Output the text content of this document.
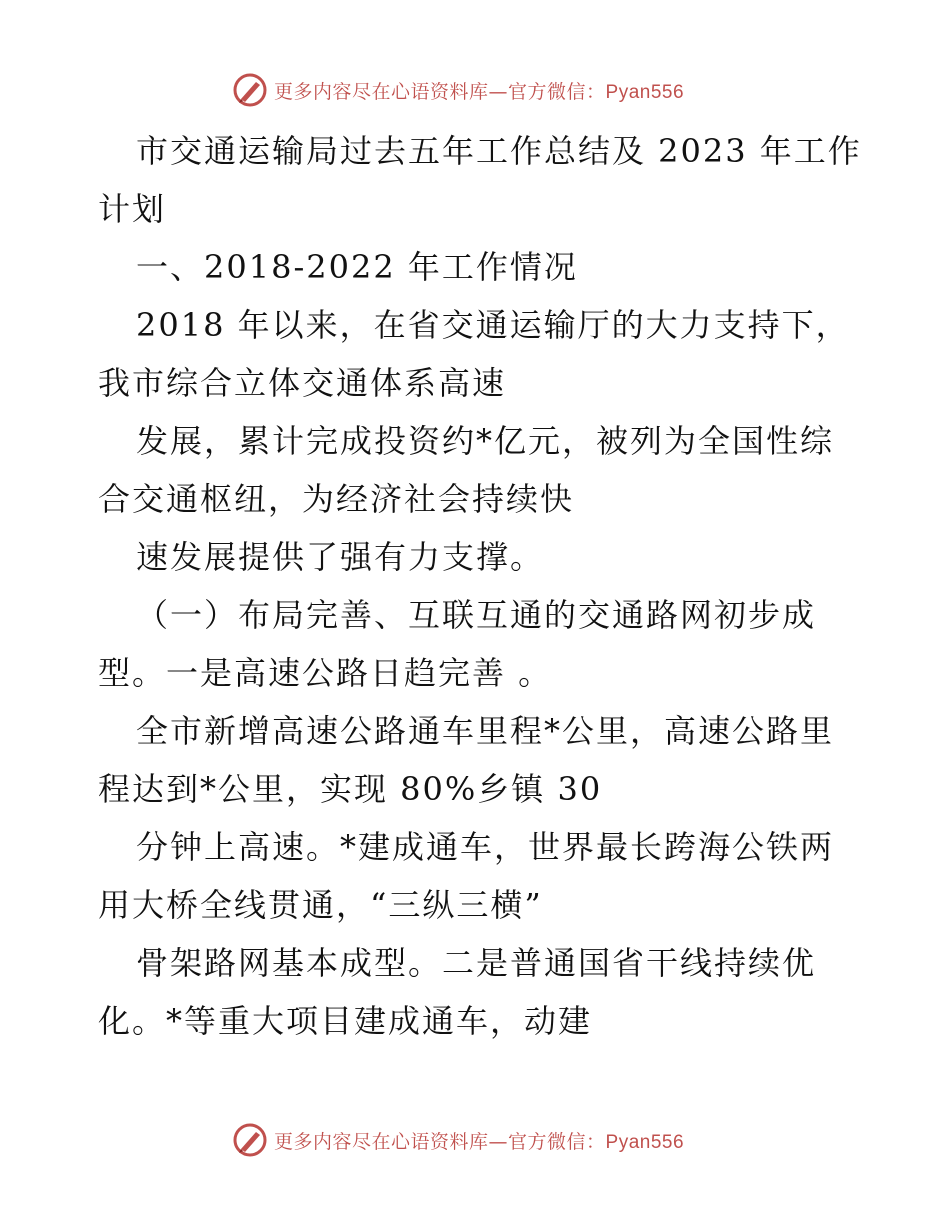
更多内容尽在心语资料库—官方微信：Pyan556
市交通运输局过去五年工作总结及 2023 年工作
计划
一、2018-2022 年工作情况
2018 年以来，在省交通运输厅的大力支持下，
我市综合立体交通体系高速
发展，累计完成投资约*亿元，被列为全国性综
合交通枢纽，为经济社会持续快
速发展提供了强有力支撑。
（一）布局完善、互联互通的交通路网初步成
型。一是高速公路日趋完善 。
全市新增高速公路通车里程*公里，高速公路里
程达到*公里，实现 80%乡镇 30
分钟上高速。*建成通车，世界最长跨海公铁两
用大桥全线贯通，“三纵三横”
骨架路网基本成型。二是普通国省干线持续优
化。*等重大项目建成通车，动建
更多内容尽在心语资料库—官方微信：Pyan556
